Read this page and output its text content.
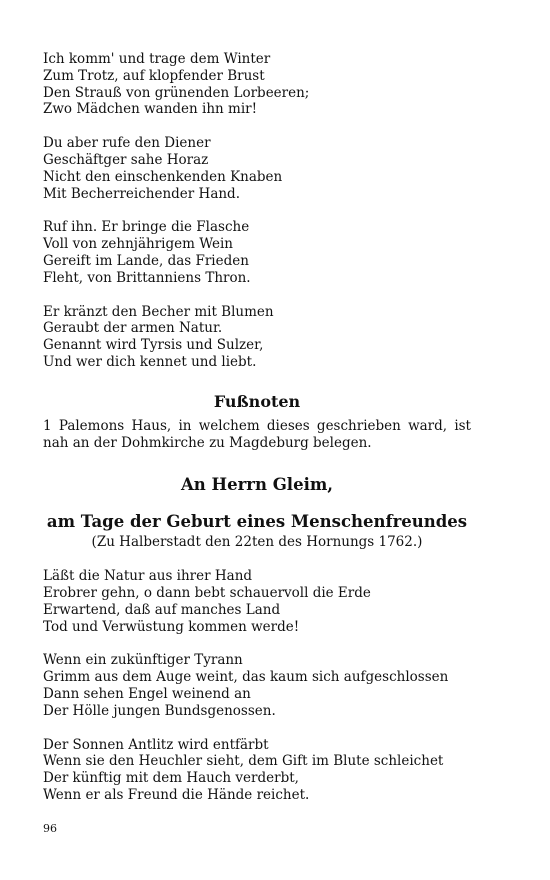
Ich komm' und trage dem Winter
Zum Trotz, auf klopfender Brust
Den Strauß von grünenden Lorbeeren;
Zwo Mädchen wanden ihn mir!
Du aber rufe den Diener
Geschäftger sahe Horaz
Nicht den einschenkenden Knaben
Mit Becherreichender Hand.
Ruf ihn. Er bringe die Flasche
Voll von zehnjährigem Wein
Gereift im Lande, das Frieden
Fleht, von Brittanniens Thron.
Er kränzt den Becher mit Blumen
Geraubt der armen Natur.
Genannt wird Tyrsis und Sulzer,
Und wer dich kennet und liebt.
Fußnoten

1 Palemons Haus, in welchem dieses geschrieben ward, ist nah an der Dohmkirche zu Magdeburg belegen.

An Herrn Gleim,
am Tage der Geburt eines Menschenfreundes
(Zu Halberstadt den 22ten des Hornungs 1762.)
Läßt die Natur aus ihrer Hand
Erobrer gehn, o dann bebt schauervoll die Erde
Erwartend, daß auf manches Land
Tod und Verwüstung kommen werde!
Wenn ein zukünftiger Tyrann
Grimm aus dem Auge weint, das kaum sich aufgeschlossen
Dann sehen Engel weinend an
Der Hölle jungen Bundsgenossen.
Der Sonnen Antlitz wird entfärbt
Wenn sie den Heuchler sieht, dem Gift im Blute schleichet
Der künftig mit dem Hauch verderbt,
Wenn er als Freund die Hände reichet.
96
